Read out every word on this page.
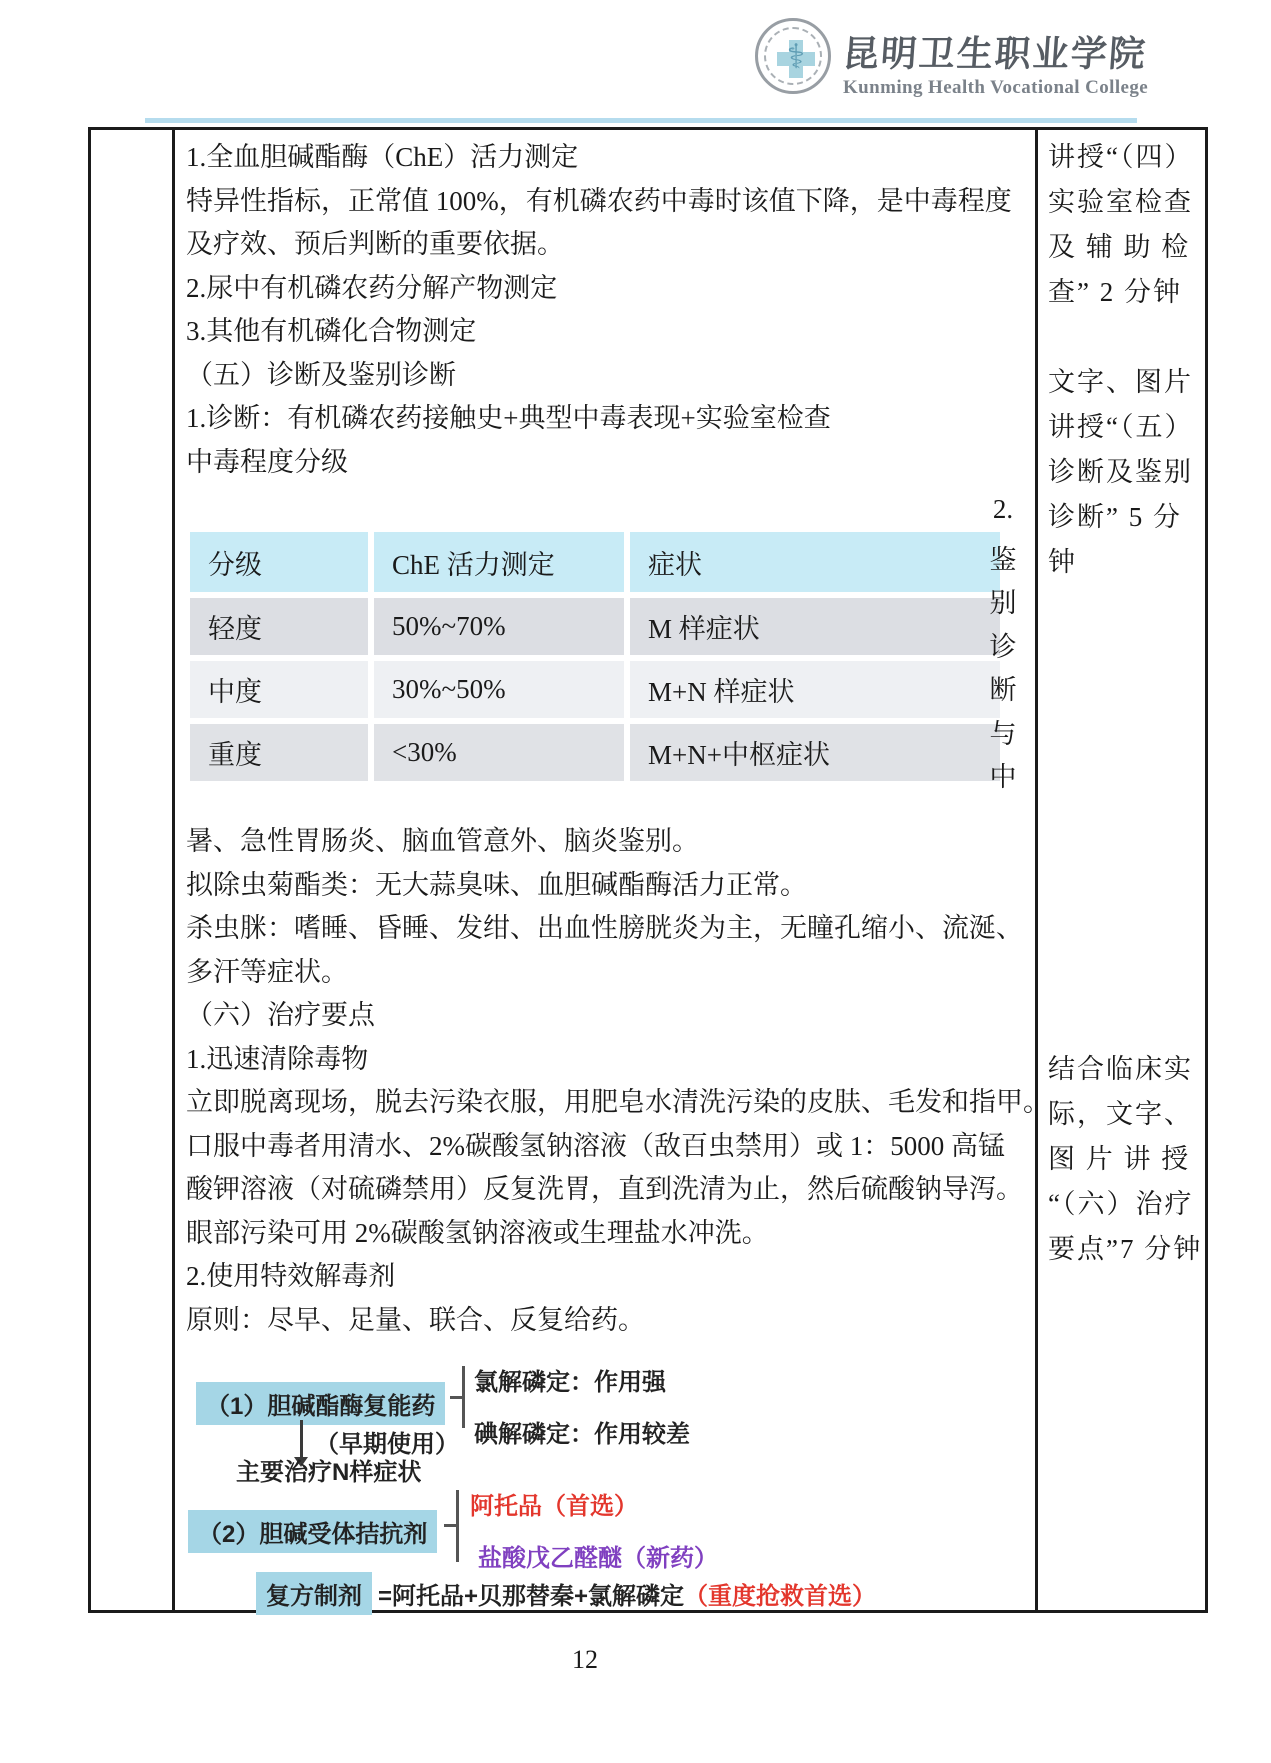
⚕	昆明卫生职业学院
Kunming Health Vocational College
1.全血胆碱酯酶（ChE）活力测定
特异性指标，正常值 100%，有机磷农药中毒时该值下降，是中毒程度
及疗效、预后判断的重要依据。
2.尿中有机磷农药分解产物测定
3.其他有机磷化合物测定
（五）诊断及鉴别诊断
1.诊断：有机磷农药接触史+典型中毒表现+实验室检查
中毒程度分级
分级	ChE 活力测定	症状
轻度	50%~70%	M 样症状
中度	30%~50%	M+N 样症状
重度	<30%	M+N+中枢症状
2.
鉴
别
诊
断
与
中
暑、急性胃肠炎、脑血管意外、脑炎鉴别。
拟除虫菊酯类：无大蒜臭味、血胆碱酯酶活力正常。
杀虫脒：嗜睡、昏睡、发绀、出血性膀胱炎为主，无瞳孔缩小、流涎、
多汗等症状。
（六）治疗要点
1.迅速清除毒物
立即脱离现场，脱去污染衣服，用肥皂水清洗污染的皮肤、毛发和指甲。
口服中毒者用清水、2%碳酸氢钠溶液（敌百虫禁用）或 1：5000 高锰
酸钾溶液（对硫磷禁用）反复洗胃，直到洗清为止，然后硫酸钠导泻。
眼部污染可用 2%碳酸氢钠溶液或生理盐水冲洗。
2.使用特效解毒剂
原则：尽早、足量、联合、反复给药。
氯解磷定：作用强
（1）胆碱酯酶复能药
碘解磷定：作用较差
（早期使用）
主要治疗N样症状
阿托品（首选）
（2）胆碱受体拮抗剂
盐酸戊乙醛醚（新药）
复方制剂 =阿托品+贝那替秦+氯解磷定（重度抢救首选）
讲授“（四）
实验室检查
及 辅 助 检
查” 2 分钟
文字、图片
讲授“（五）
诊断及鉴别
诊断” 5 分
钟
结合临床实
际，文字、
图 片 讲 授
“（六）治疗
要点”7 分钟
12
